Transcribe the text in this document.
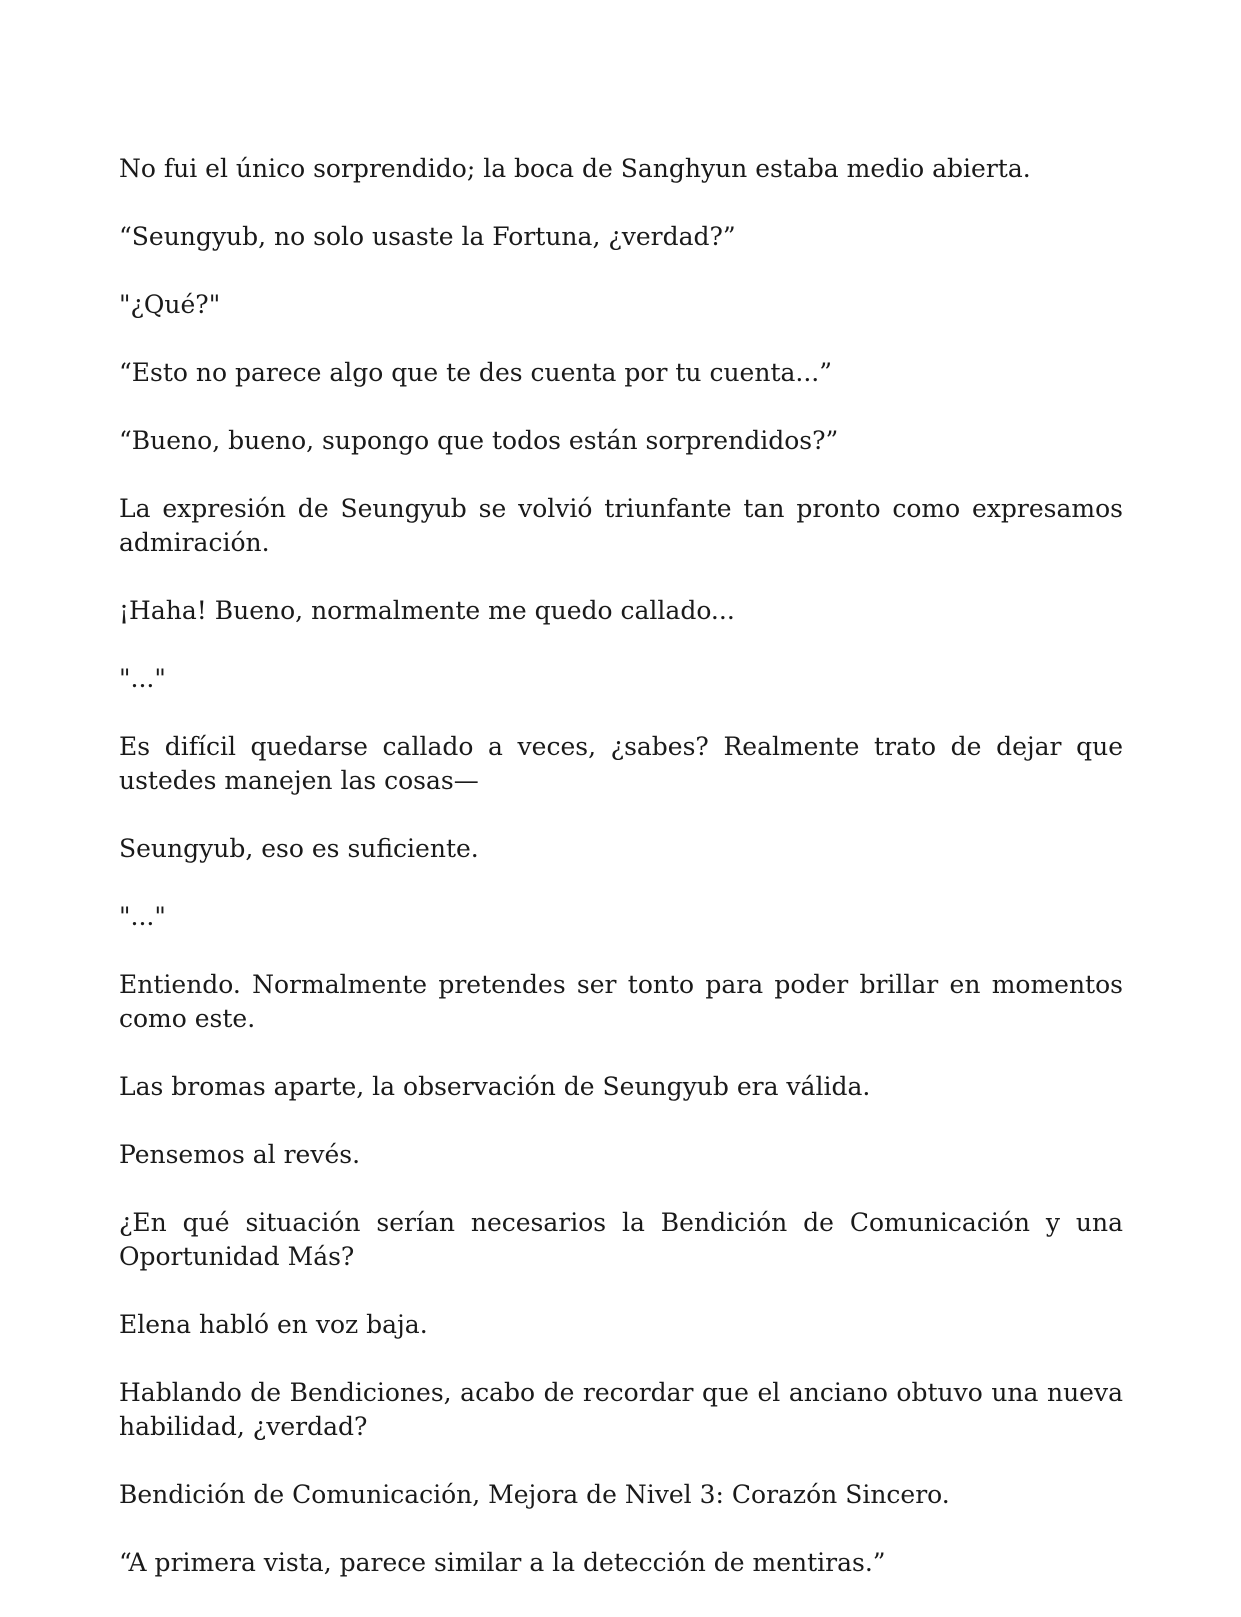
No fui el único sorprendido; la boca de Sanghyun estaba medio abierta.

“Seungyub, no solo usaste la Fortuna, ¿verdad?”

"¿Qué?"

“Esto no parece algo que te des cuenta por tu cuenta...”

“Bueno, bueno, supongo que todos están sorprendidos?”

La expresión de Seungyub se volvió triunfante tan pronto como expresamos admiración.

¡Haha! Bueno, normalmente me quedo callado...

"..."

Es difícil quedarse callado a veces, ¿sabes? Realmente trato de dejar que ustedes manejen las cosas—

Seungyub, eso es suficiente.

"..."

Entiendo. Normalmente pretendes ser tonto para poder brillar en momentos como este.

Las bromas aparte, la observación de Seungyub era válida.

Pensemos al revés.

¿En qué situación serían necesarios la Bendición de Comunicación y una Oportunidad Más?

Elena habló en voz baja.

Hablando de Bendiciones, acabo de recordar que el anciano obtuvo una nueva habilidad, ¿verdad?

Bendición de Comunicación, Mejora de Nivel 3: Corazón Sincero.

“A primera vista, parece similar a la detección de mentiras.”
